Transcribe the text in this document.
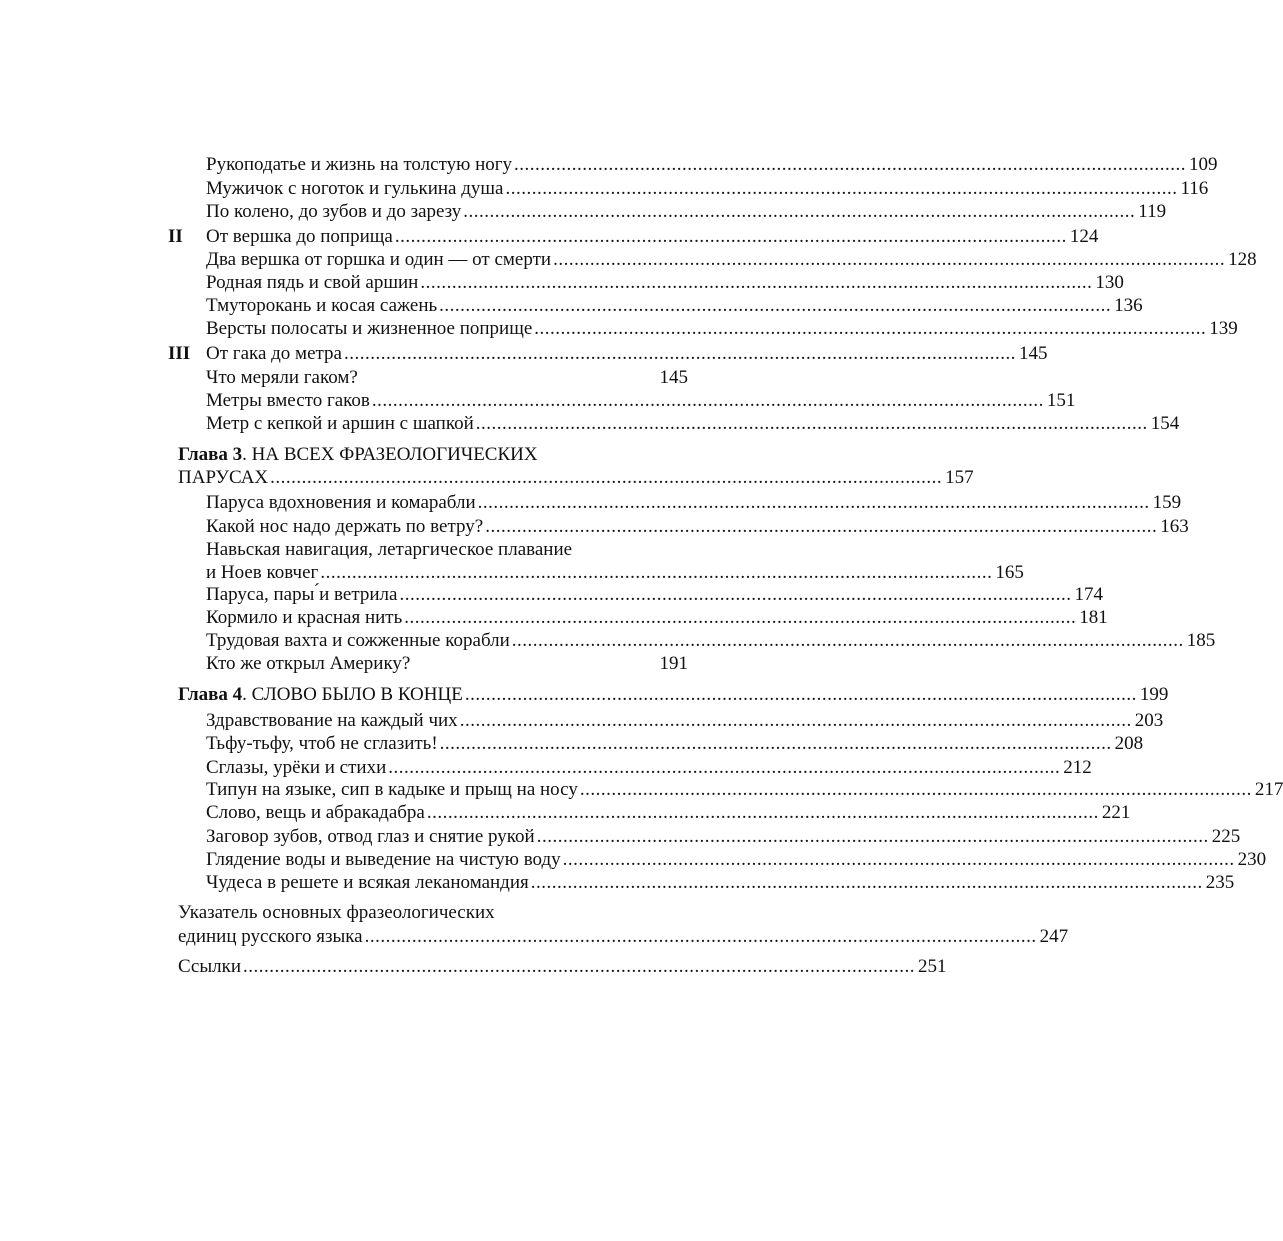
Рукоподатье и жизнь на толстую ногу ................................................................................................................................ 109
Мужичок с ноготок и гулькина душа ................................................................................................................................ 116
По колено, до зубов и до зарезу ................................................................................................................................ 119
II От вершка до поприща ................................................................................................................................ 124
Два вершка от горшка и один — от смерти ................................................................................................................................ 128
Родная пядь и свой аршин ................................................................................................................................ 130
Тмуторокань и косая сажень ................................................................................................................................ 136
Версты полосаты и жизненное поприще ................................................................................................................................ 139
III От гака до метра ................................................................................................................................ 145
Что меряли гаком?	145
Метры вместо гаков ................................................................................................................................ 151
Метр с кепкой и аршин с шапкой ................................................................................................................................ 154
Глава 3. НА ВСЕХ ФРАЗЕОЛОГИЧЕСКИХ
ПАРУСАХ ................................................................................................................................ 157
Паруса вдохновения и комарабли ................................................................................................................................ 159
Какой нос надо держать по ветру? ................................................................................................................................ 163
Навьская навигация, летаргическое плавание
и Ноев ковчег ................................................................................................................................ 165
Паруса, пары ́и ветрила ................................................................................................................................ 174
Кормило и красная нить ................................................................................................................................ 181
Трудовая вахта и сожженные корабли ................................................................................................................................ 185
Кто же открыл Америку?	191
Глава 4. СЛОВО БЫЛО В КОНЦЕ ................................................................................................................................ 199
Здравствование на каждый чих ................................................................................................................................ 203
Тьфу-тьфу, чтоб не сглазить! ................................................................................................................................ 208
Сглазы, урёки и стихи ................................................................................................................................ 212
Типун на языке, сип в кадыке и прыщ на носу ................................................................................................................................ 217
Слово, вещь и абракадабра ................................................................................................................................ 221
Заговор зубов, отвод глаз и снятие рукой ................................................................................................................................ 225
Глядение воды и выведение на чистую воду ................................................................................................................................ 230
Чудеса в решете и всякая леканомандия ................................................................................................................................ 235
Указатель основных фразеологических
единиц русского языка ................................................................................................................................ 247
Ссылки ................................................................................................................................ 251
